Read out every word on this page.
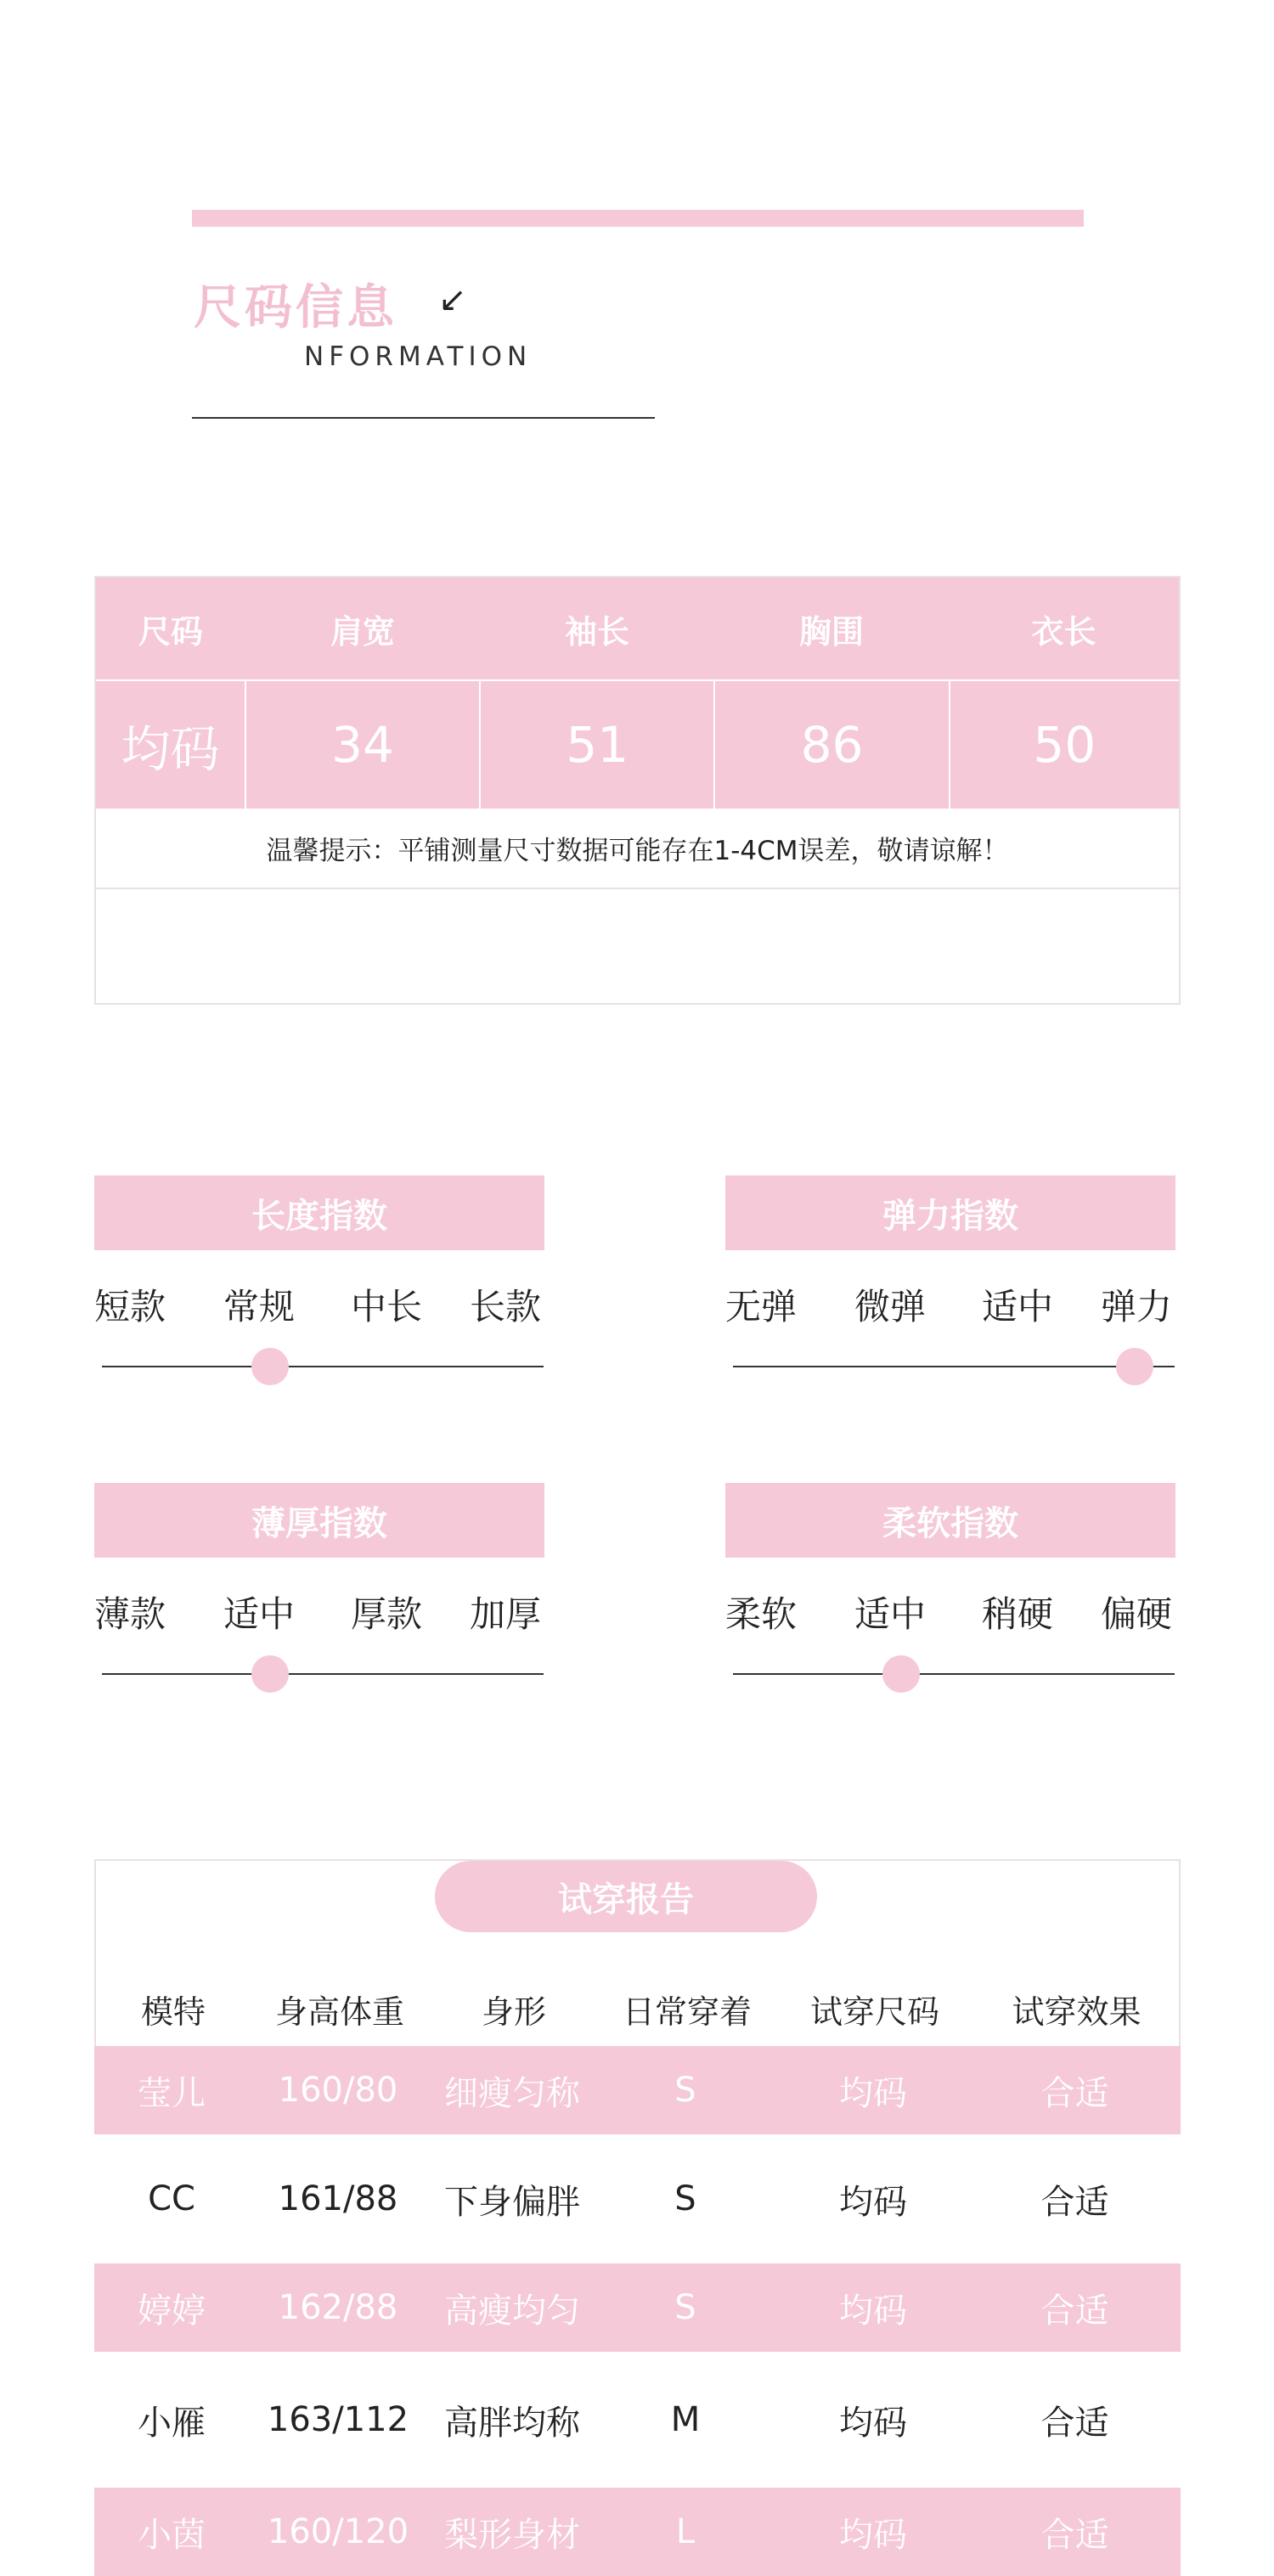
尺码信息 ↙
NFORMATION
尺码	肩宽	袖长	胸围	衣长
均码	34	51	86	50
温馨提示：平铺测量尺寸数据可能存在1-4CM误差，敬请谅解！
长度指数
短款 常规 中长 长款
弹力指数
无弹 微弹 适中 弹力
薄厚指数
薄款 适中 厚款 加厚
柔软指数
柔软 适中 稍硬 偏硬
试穿报告
模特	身高体重	身形	日常穿着	试穿尺码	试穿效果
莹儿	160/80	细瘦匀称	S	均码	合适
CC	161/88	下身偏胖	S	均码	合适
婷婷	162/88	高瘦均匀	S	均码	合适
小雁	163/112	高胖均称	M	均码	合适
小茵	160/120	梨形身材	L	均码	合适
